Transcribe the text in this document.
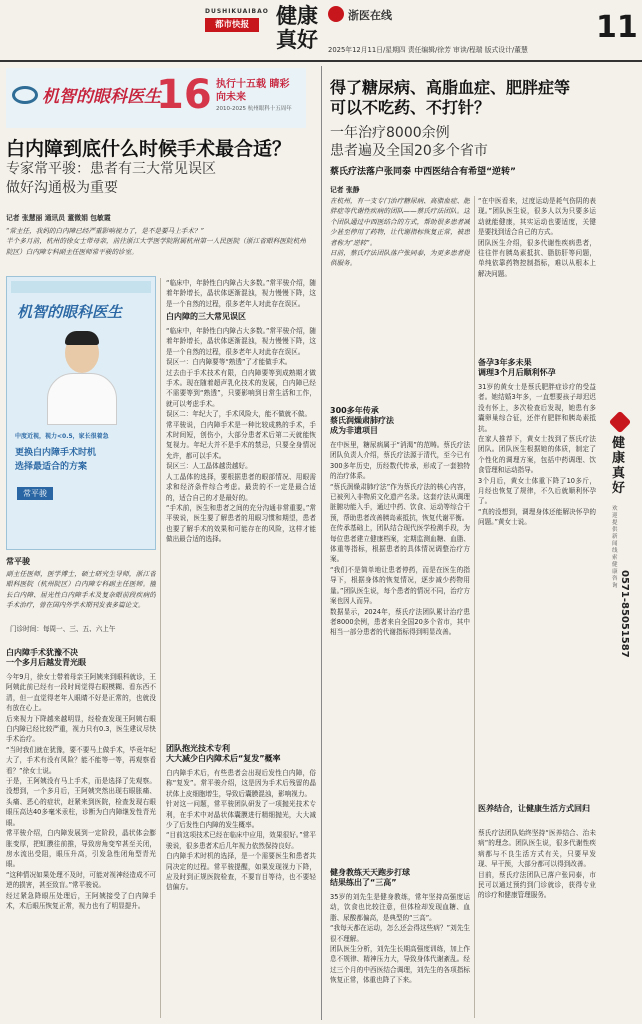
DUSHIKUAIBAO
都市快报	健康
真好
浙医在线
2025年12月11日/星期四 责任编辑/徐芳 审读/程瑞 版式设计/董慧
11
机智的眼科医生
16 执行十五载 睛彩向未来
2010-2025 杭州眼科十五周年
白内障到底什么时候手术最合适？
专家常平骏：患者有三大常见误区
做好沟通极为重要
记者 张慧丽 通讯员 董微娟 包敏霞
“常主任，我妈的白内障已经严重影响视力了，是不是要马上手术？”
半个多月前，杭州的徐女士带母亲，前往浙江大学医学院附属杭州第一人民医院（浙江省眼科医院杭州院区）白内障专科副主任医师常平骏的诊室。
机智的眼科医生
中度近视，视力<0.5，家长很着急
更换白内障手术时机
选择最适合的方案
常平骏
常平骏
副主任医师，医学博士，硕士研究生导师，浙江省眼科医院（杭州院区）白内障专科副主任医师。擅长白内障、屈光性白内障手术及复杂眼前段疾病的手术治疗，曾在国内外学术期刊发表多篇论文。
门诊时间：每周一、三、五、六上午
白内障手术犹豫不决
一个多月后越发青光眼
今年9月，徐女士带着母亲王阿姨来到眼科就诊，王阿姨此前已经有一段时间觉得右眼模糊、看东西不清，但一直觉得老年人眼睛不好是正常的，也就没有放在心上。
后来视力下降越来越明显，经检查发现王阿姨右眼白内障已经比较严重，视力只有0.3，医生建议尽快手术治疗。
“当时我们就在犹豫，要不要马上做手术，毕竟年纪大了，手术有没有风险？能不能等一等，再观察看看？”徐女士说。
于是，王阿姨没有马上手术，而是选择了先观察。没想到，一个多月后，王阿姨突然出现右眼胀痛、头痛、恶心的症状，赶紧来到医院，检查发现右眼眼压高达40多毫米汞柱，诊断为白内障继发性青光眼。
常平骏介绍，白内障发展到一定阶段，晶状体会膨胀变厚，把虹膜往前推，导致房角变窄甚至关闭，房水流出受阻，眼压升高，引发急性闭角型青光眼。
“这种情况如果处理不及时，可能对视神经造成不可逆的损害，甚至致盲。”常平骏说。
经过紧急降眼压处理后，王阿姨接受了白内障手术，术后眼压恢复正常，视力也有了明显提升。
白内障的三大常见误区
“临床中，年龄性白内障占大多数。”常平骏介绍，随着年龄增长，晶状体逐渐混浊，视力慢慢下降，这是一个自然的过程，很多老年人对此存在误区。

“临床中，年龄性白内障占大多数。”常平骏介绍，随着年龄增长，晶状体逐渐混浊，视力慢慢下降，这是一个自然的过程，很多老年人对此存在误区。
误区一：白内障要等“熟透”了才能做手术。
过去由于手术技术有限，白内障要等到成熟期才做手术。现在随着超声乳化技术的发展，白内障已经不需要等到“熟透”，只要影响到日常生活和工作，就可以考虑手术。
误区二：年纪大了，手术风险大，能不做就不做。
常平骏说，白内障手术是一种比较成熟的手术，手术时间短，创伤小，大部分患者术后第二天就能恢复视力。年纪大并不是手术的禁忌，只要全身情况允许，都可以手术。
误区三：人工晶体越贵越好。
人工晶体的选择，要根据患者的眼部情况、用眼需求和经济条件综合考虑。最贵的不一定是最合适的，适合自己的才是最好的。
“手术前，医生和患者之间的充分沟通非常重要。”常平骏说，医生要了解患者的用眼习惯和期望，患者也要了解手术的效果和可能存在的风险，这样才能做出最合适的选择。
团队抱光技术专利
大大减少白内障术后“复发”概率
白内障手术后，有些患者会出现后发性白内障，俗称“复发”。常平骏介绍，这是因为手术后残留的晶状体上皮细胞增生，导致后囊膜混浊，影响视力。
针对这一问题，常平骏团队研发了一项抛光技术专利，在手术中对晶状体囊膜进行精细抛光，大大减少了后发性白内障的发生概率。
“目前这项技术已经在临床中应用，效果很好。”常平骏说，很多患者术后几年视力依然保持良好。
白内障手术时机的选择，是一个需要医生和患者共同决定的过程。常平骏提醒，如果发现视力下降，应及时到正规医院检查，不要盲目等待，也不要轻信偏方。
得了糖尿病、高脂血症、肥胖症等
可以不吃药、不打针？
一年治疗8000余例
患者遍及全国20多个省市
蔡氏疗法落户张同泰 中西医结合有希望“逆转”
记者 张静
在杭州，有一支专门治疗糖尿病、高脂血症、肥胖症等代谢性疾病的团队——蔡氏疗法团队。这个团队通过中西医结合的方式，帮助很多患者减少甚至停用了药物，让代谢指标恢复正常，被患者称为“逆转”。
日前，蔡氏疗法团队落户张同泰，为更多患者提供服务。
300多年传承
蔡氏润燥肃肺疗法
成为非遗项目
在中医里，糖尿病属于“消渴”的范畴。蔡氏疗法团队负责人介绍，蔡氏疗法源于清代，至今已有300多年历史，历经数代传承，形成了一套独特的治疗体系。
“蔡氏润燥肃肺疗法”作为蔡氏疗法的核心内容，已被列入非物质文化遗产名录。这套疗法从调理脏腑功能入手，通过中药、饮食、运动等综合干预，帮助患者改善胰岛素抵抗，恢复代谢平衡。
在传承基础上，团队结合现代医学检测手段，为每位患者建立健康档案，定期监测血糖、血脂、体重等指标，根据患者的具体情况调整治疗方案。
“我们不是简单地让患者停药，而是在医生的指导下，根据身体的恢复情况，逐步减少药物用量。”团队医生说，每个患者的情况不同，治疗方案也因人而异。
数据显示，2024年，蔡氏疗法团队累计治疗患者8000余例，患者来自全国20多个省市，其中相当一部分患者的代谢指标得到明显改善。
健身教练天天跑步打球
结果练出了“三高”
35岁的刘先生是健身教练，常年坚持高强度运动，饮食也比较注意，但体检却发现血糖、血脂、尿酸都偏高，是典型的“三高”。
“我每天都在运动，怎么还会得这些病？”刘先生很不理解。
团队医生分析，刘先生长期高强度训练，加上作息不规律、精神压力大，导致身体代谢紊乱。经过三个月的中西医结合调理，刘先生的各项指标恢复正常，体重也降了下来。
“在中医看来，过度运动是耗气伤阴的表现。”团队医生说，很多人以为只要多运动就能健康，其实运动也要适度，关键是要找到适合自己的方式。
团队医生介绍，很多代谢性疾病患者，往往伴有胰岛素抵抗、脂肪肝等问题，单纯依靠药物控制指标，难以从根本上解决问题。
备孕3年多未果
调理3个月后顺利怀孕
31岁的黄女士是蔡氏肥胖症诊疗的受益者。她结婚3年多，一直想要孩子却迟迟没有怀上，多次检查后发现，她患有多囊卵巢综合征，还伴有肥胖和胰岛素抵抗。
在家人推荐下，黄女士找到了蔡氏疗法团队。团队医生根据她的体质，制定了个性化的调理方案，包括中药调理、饮食管理和运动指导。
3个月后，黄女士体重下降了10多斤，月经也恢复了规律，不久后就顺利怀孕了。
“真的没想到，调理身体还能解决怀孕的问题。”黄女士说。
医养结合，让健康生活方式回归
蔡氏疗法团队始终坚持“医养结合、治未病”的理念。团队医生说，很多代谢性疾病都与不良生活方式有关，只要早发现、早干预，大部分都可以得到改善。
目前，蔡氏疗法团队已落户张同泰，市民可以通过预约到门诊就诊，获得专业的诊疗和健康管理服务。
健康真好
0571-85051587
欢迎提供新闻线索 健康咨询
